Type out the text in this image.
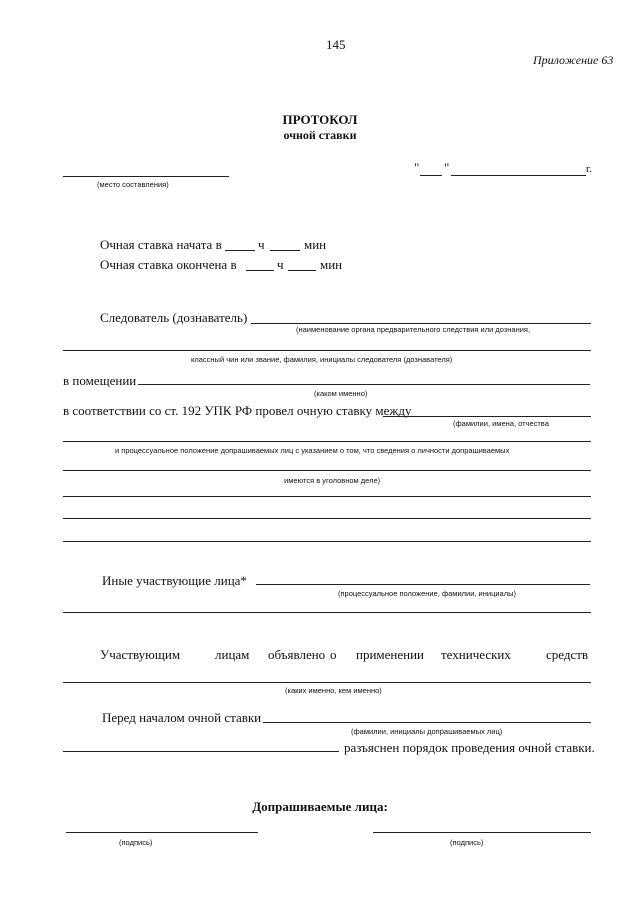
145
Приложение 63
ПРОТОКОЛ
очной ставки
(место составления)
" "	г.
Очная ставка начата в	ч	мин
Очная ставка окончена в	ч	мин
Следователь (дознаватель)
(наименование органа предварительного следствия или дознания,
классный чин или звание, фамилия, инициалы следователя (дознавателя)
в помещении
(каком именно)
в соответствии со ст. 192 УПК РФ провел очную ставку между
(фамилии, имена, отчества
и процессуальное положение допрашиваемых лиц с указанием о том, что сведения о личности допрашиваемых
имеются в уголовном деле)
Иные участвующие лица*
(процессуальное положение, фамилии, инициалы)
Участвующим	лицам объявлено о применении технических	средств
(каких именно, кем именно)
Перед началом очной ставки
(фамилии, инициалы допрашиваемых лиц)
разъяснен порядок проведения очной ставки.
Допрашиваемые лица:
(подпись)	(подпись)
